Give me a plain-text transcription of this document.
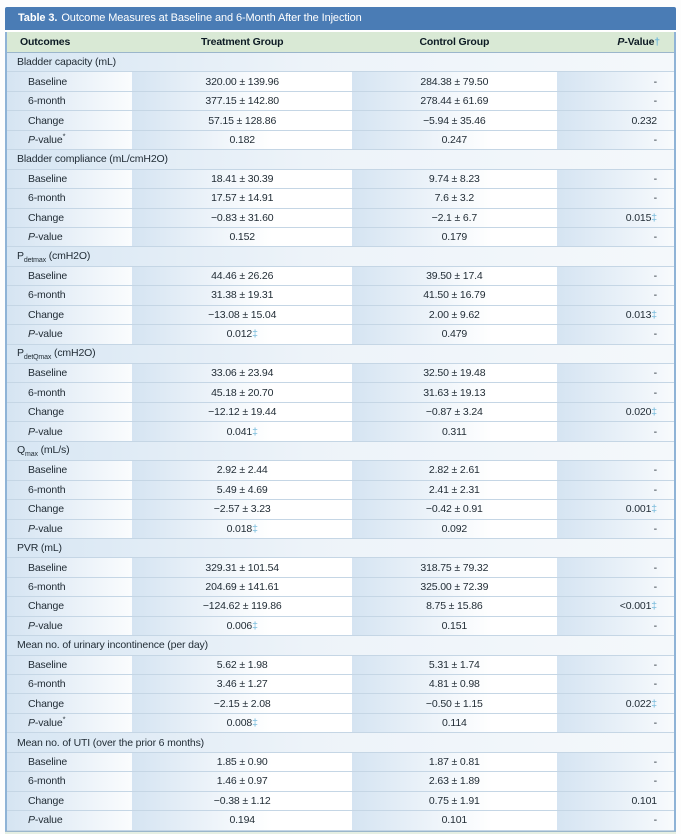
Table 3. Outcome Measures at Baseline and 6-Month After the Injection
Outcomes	Treatment Group	Control Group	P-Value†
Bladder capacity (mL)			
Baseline	320.00 ± 139.96	284.38 ± 79.50	-
6-month	377.15 ± 142.80	278.44 ± 61.69	-
Change	57.15 ± 128.86	−5.94 ± 35.46	0.232
P-value*	0.182	0.247	-
Bladder compliance (mL/cmH2O)			
Baseline	18.41 ± 30.39	9.74 ± 8.23	-
6-month	17.57 ± 14.91	7.6 ± 3.2	-
Change	−0.83 ± 31.60	−2.1 ± 6.7	0.015‡
P-value	0.152	0.179	-
$P_{detmax}$ (cmH2O)			
Baseline	44.46 ± 26.26	39.50 ± 17.4	-
6-month	31.38 ± 19.31	41.50 ± 16.79	-
Change	−13.08 ± 15.04	2.00 ± 9.62	0.013‡
P-value	0.012‡	0.479	-
$P_{detQmax}$ (cmH2O)			
Baseline	33.06 ± 23.94	32.50 ± 19.48	-
6-month	45.18 ± 20.70	31.63 ± 19.13	-
Change	−12.12 ± 19.44	−0.87 ± 3.24	0.020‡
P-value	0.041‡	0.311	-
$Q_{max}$ (mL/s)			
Baseline	2.92 ± 2.44	2.82 ± 2.61	-
6-month	5.49 ± 4.69	2.41 ± 2.31	-
Change	−2.57 ± 3.23	−0.42 ± 0.91	0.001‡
P-value	0.018‡	0.092	-
PVR (mL)			
Baseline	329.31 ± 101.54	318.75 ± 79.32	-
6-month	204.69 ± 141.61	325.00 ± 72.39	-
Change	−124.62 ± 119.86	8.75 ± 15.86	<0.001‡
P-value	0.006‡	0.151	-
Mean no. of urinary incontinence (per day)			
Baseline	5.62 ± 1.98	5.31 ± 1.74	-
6-month	3.46 ± 1.27	4.81 ± 0.98	-
Change	−2.15 ± 2.08	−0.50 ± 1.15	0.022‡
P-value*	0.008‡	0.114	-
Mean no. of UTI (over the prior 6 months)			
Baseline	1.85 ± 0.90	1.87 ± 0.81	-
6-month	1.46 ± 0.97	2.63 ± 1.89	-
Change	−0.38 ± 1.12	0.75 ± 1.91	0.101
P-value	0.194	0.101	-
